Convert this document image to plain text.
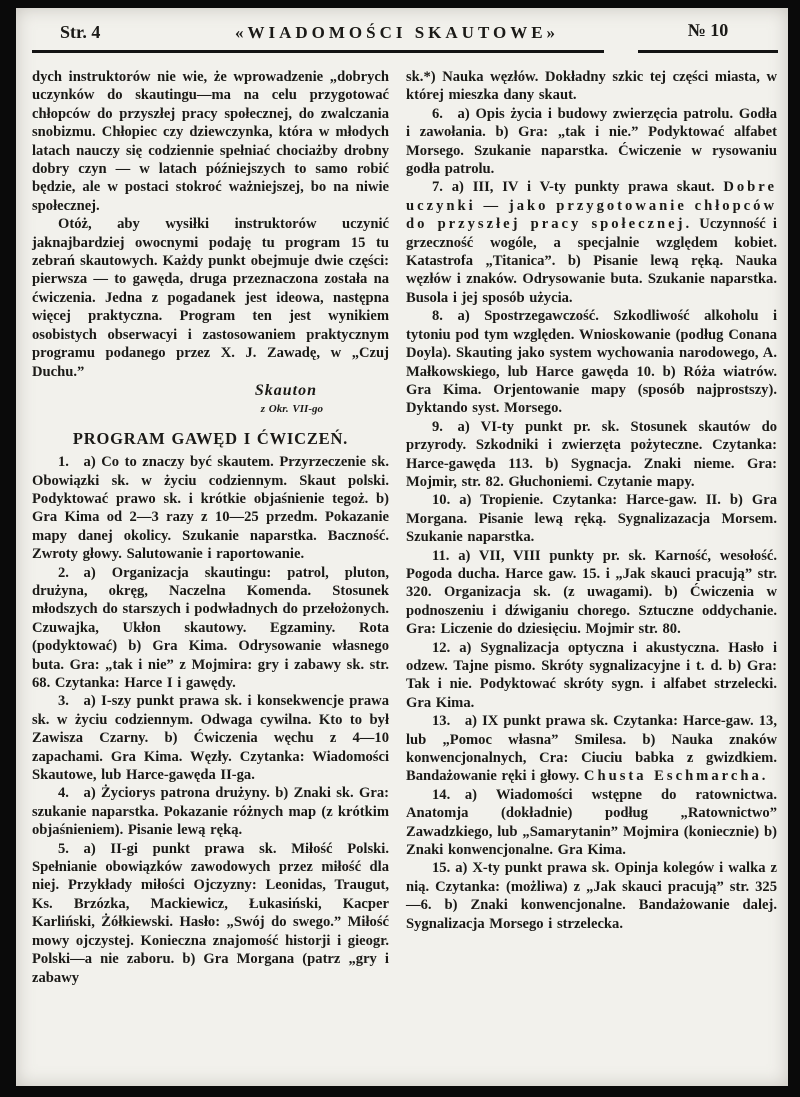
Str. 4	«WIADOMOŚCI SKAUTOWE»	№ 10

dych instruktorów nie wie, że wprowadzenie „dobrych uczynków do skautingu—ma na celu przygotować chłopców do przyszłej pracy społecznej, do zwalczania snobizmu. Chłopiec czy dziewczynka, która w młodych latach nauczy się codziennie spełniać chociażby drobny dobry czyn — w latach późniejszych to samo robić będzie, ale w postaci stokroć ważniejszej, bo na niwie społecznej.

Otóż, aby wysiłki instruktorów uczynić jaknajbardziej owocnymi podaję tu program 15 tu zebrań skautowych. Każdy punkt obejmuje dwie części: pierwsza — to gawęda, druga przeznaczona została na ćwiczenia. Jedna z pogadanek jest ideowa, następna więcej praktyczna. Program ten jest wynikiem osobistych obserwacyi i zastosowaniem praktycznym programu podanego przez X. J. Zawadę, w „Czuj Duchu.”

Skauton

z Okr. VII-go

PROGRAM GAWĘD I ĆWICZEŃ.

1. a) Co to znaczy być skautem. Przyrzeczenie sk. Obowiązki sk. w życiu codziennym. Skaut polski. Podyktować prawo sk. i krótkie objaśnienie tegoż. b) Gra Kima od 2—3 razy z 10—25 przedm. Pokazanie mapy danej okolicy. Szukanie naparstka. Baczność. Zwroty głowy. Salutowanie i raportowanie.

2. a) Organizacja skautingu: patrol, pluton, drużyna, okręg, Naczelna Komenda. Stosunek młodszych do starszych i podwładnych do przełożonych. Czuwajka, Ukłon skautowy. Egzaminy. Rota (podyktować) b) Gra Kima. Odrysowanie własnego buta. Gra: „tak i nie” z Mojmira: gry i zabawy sk. str. 68. Czytanka: Harce I i gawędy.

3. a) I-szy punkt prawa sk. i konsekwencje prawa sk. w życiu codziennym. Odwaga cywilna. Kto to był Zawisza Czarny. b) Ćwiczenia węchu z 4—10 zapachami. Gra Kima. Węzły. Czytanka: Wiadomości Skautowe, lub Harce-gawęda II-ga.

4. a) Życiorys patrona drużyny. b) Znaki sk. Gra: szukanie naparstka. Pokazanie różnych map (z krótkim objaśnieniem). Pisanie lewą ręką.

5. a) II-gi punkt prawa sk. Miłość Polski. Spełnianie obowiązków zawodowych przez miłość dla niej. Przykłady miłości Ojczyzny: Leonidas, Traugut, Ks. Brzózka, Mackiewicz, Łukasiński, Kacper Karliński, Żółkiewski. Hasło: „Swój do swego.” Miłość mowy ojczystej. Konieczna znajomość historji i gieogr. Polski—a nie zaboru. b) Gra Morgana (patrz „gry i zabawy

sk.*) Nauka węzłów. Dokładny szkic tej części miasta, w której mieszka dany skaut.

6. a) Opis życia i budowy zwierzęcia patrolu. Godła i zawołania. b) Gra: „tak i nie.” Podyktować alfabet Morsego. Szukanie naparstka. Ćwiczenie w rysowaniu godła patrolu.

7. a) III, IV i V-ty punkty prawa skaut. Dobre uczynki — jako przygotowanie chłopców do przyszłej pracy społecznej. Uczynność i grzeczność wogóle, a specjalnie względem kobiet. Katastrofa „Titanica”. b) Pisanie lewą ręką. Nauka węzłów i znaków. Odrysowanie buta. Szukanie naparstka. Busola i jej sposób użycia.

8. a) Spostrzegawczość. Szkodliwość alkoholu i tytoniu pod tym względen. Wnioskowanie (podług Conana Doyla). Skauting jako system wychowania narodowego, A. Małkowskiego, lub Harce gawęda 10. b) Róża wiatrów. Gra Kima. Orjentowanie mapy (sposób najprostszy). Dyktando syst. Morsego.

9. a) VI-ty punkt pr. sk. Stosunek skautów do przyrody. Szkodniki i zwierzęta pożyteczne. Czytanka: Harce-gawęda 113. b) Sygnacja. Znaki nieme. Gra: Mojmir, str. 82. Głuchoniemi. Czytanie mapy.

10. a) Tropienie. Czytanka: Harce-gaw. II. b) Gra Morgana. Pisanie lewą ręką. Sygnalizazacja Morsem. Szukanie naparstka.

11. a) VII, VIII punkty pr. sk. Karność, wesołość. Pogoda ducha. Harce gaw. 15. i „Jak skauci pracują” str. 320. Organizacja sk. (z uwagami). b) Ćwiczenia w podnoszeniu i dźwiganiu chorego. Sztuczne oddychanie. Gra: Liczenie do dziesięciu. Mojmir str. 80.

12. a) Sygnalizacja optyczna i akustyczna. Hasło i odzew. Tajne pismo. Skróty sygnalizacyjne i t. d. b) Gra: Tak i nie. Podyktować skróty sygn. i alfabet strzelecki. Gra Kima.

13. a) IX punkt prawa sk. Czytanka: Harce-gaw. 13, lub „Pomoc własna” Smilesa. b) Nauka znaków konwencjonalnych, Cra: Ciuciu babka z gwizdkiem. Bandażowanie ręki i głowy. Chusta Eschmarcha.

14. a) Wiadomości wstępne do ratownictwa. Anatomja (dokładnie) podług „Ratownictwo” Zawadzkiego, lub „Samarytanin” Mojmira (koniecznie) b) Znaki konwencjonalne. Gra Kima.

15. a) X-ty punkt prawa sk. Opinja kolegów i walka z nią. Czytanka: (możliwa) z „Jak skauci pracują” str. 325—6. b) Znaki konwencjonalne. Bandażowanie dalej. Sygnalizacja Morsego i strzelecka.
